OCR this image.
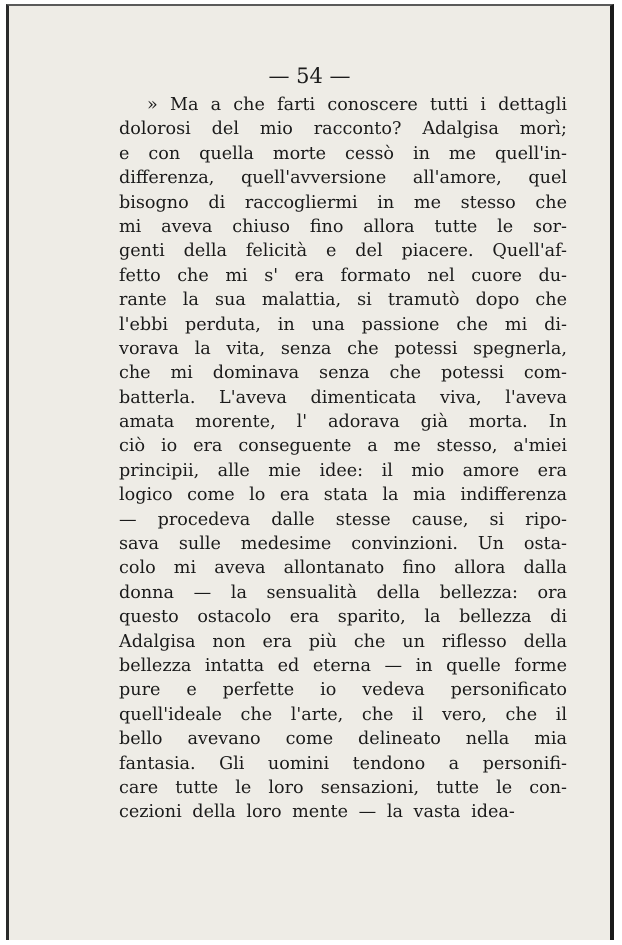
— 54 —

» Ma a che farti conoscere tutti i dettagli
dolorosi del mio racconto? Adalgisa morì;
e con quella morte cessò in me quell'in-
differenza, quell'avversione all'amore, quel
bisogno di raccogliermi in me stesso che
mi aveva chiuso fino allora tutte le sor-
genti della felicità e del piacere. Quell'af-
fetto che mi s' era formato nel cuore du-
rante la sua malattia, si tramutò dopo che
l'ebbi perduta, in una passione che mi di-
vorava la vita, senza che potessi spegnerla,
che mi dominava senza che potessi com-
batterla. L'aveva dimenticata viva, l'aveva
amata morente, l' adorava già morta. In
ciò io era conseguente a me stesso, a'miei
principii, alle mie idee: il mio amore era
logico come lo era stata la mia indifferenza
— procedeva dalle stesse cause, si ripo-
sava sulle medesime convinzioni. Un osta-
colo mi aveva allontanato fino allora dalla
donna — la sensualità della bellezza: ora
questo ostacolo era sparito, la bellezza di
Adalgisa non era più che un riflesso della
bellezza intatta ed eterna — in quelle forme
pure e perfette io vedeva personificato
quell'ideale che l'arte, che il vero, che il
bello avevano come delineato nella mia
fantasia. Gli uomini tendono a personifi-
care tutte le loro sensazioni, tutte le con-
cezioni della loro mente — la vasta idea-
